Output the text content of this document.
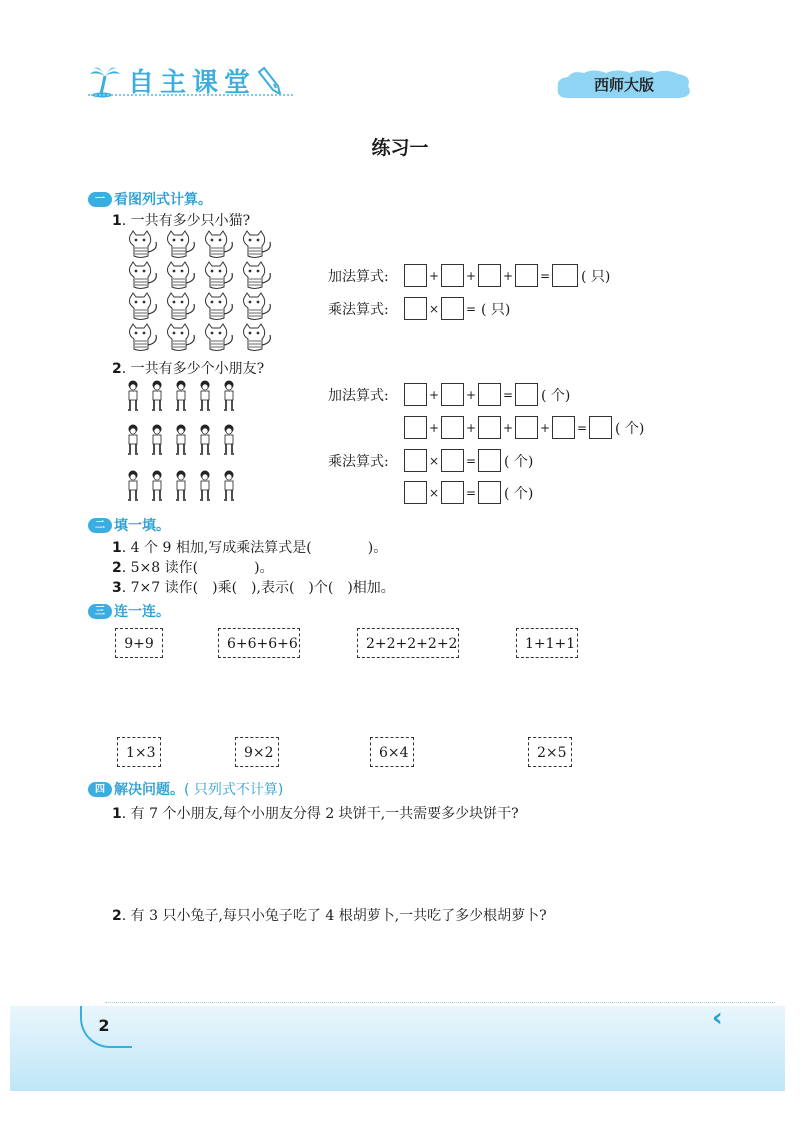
自主课堂	西师大版
练习一
一 看图列式计算。
1. 一共有多少只小猫?
加法算式:	+ + + = ( 只)
乘法算式:	× = ( 只)
2. 一共有多少个小朋友?
加法算式:	+ + = ( 个)
+ + + + = ( 个)
乘法算式:	× = ( 个)
× = ( 个)
二 填一填。
1. 4 个 9 相加,写成乘法算式是(　　　　)。
2. 5×8 读作(　　　　)。
3. 7×7 读作(　)乘(　),表示(　)个(　)相加。
三 连一连。
9+9	6+6+6+6	2+2+2+2+2	1+1+1
1×3	9×2	6×4	2×5
四 解决问题。 ( 只列式不计算)
1. 有 7 个小朋友,每个小朋友分得 2 块饼干,一共需要多少块饼干?
2. 有 3 只小兔子,每只小兔子吃了 4 根胡萝卜,一共吃了多少根胡萝卜?
2	‹
